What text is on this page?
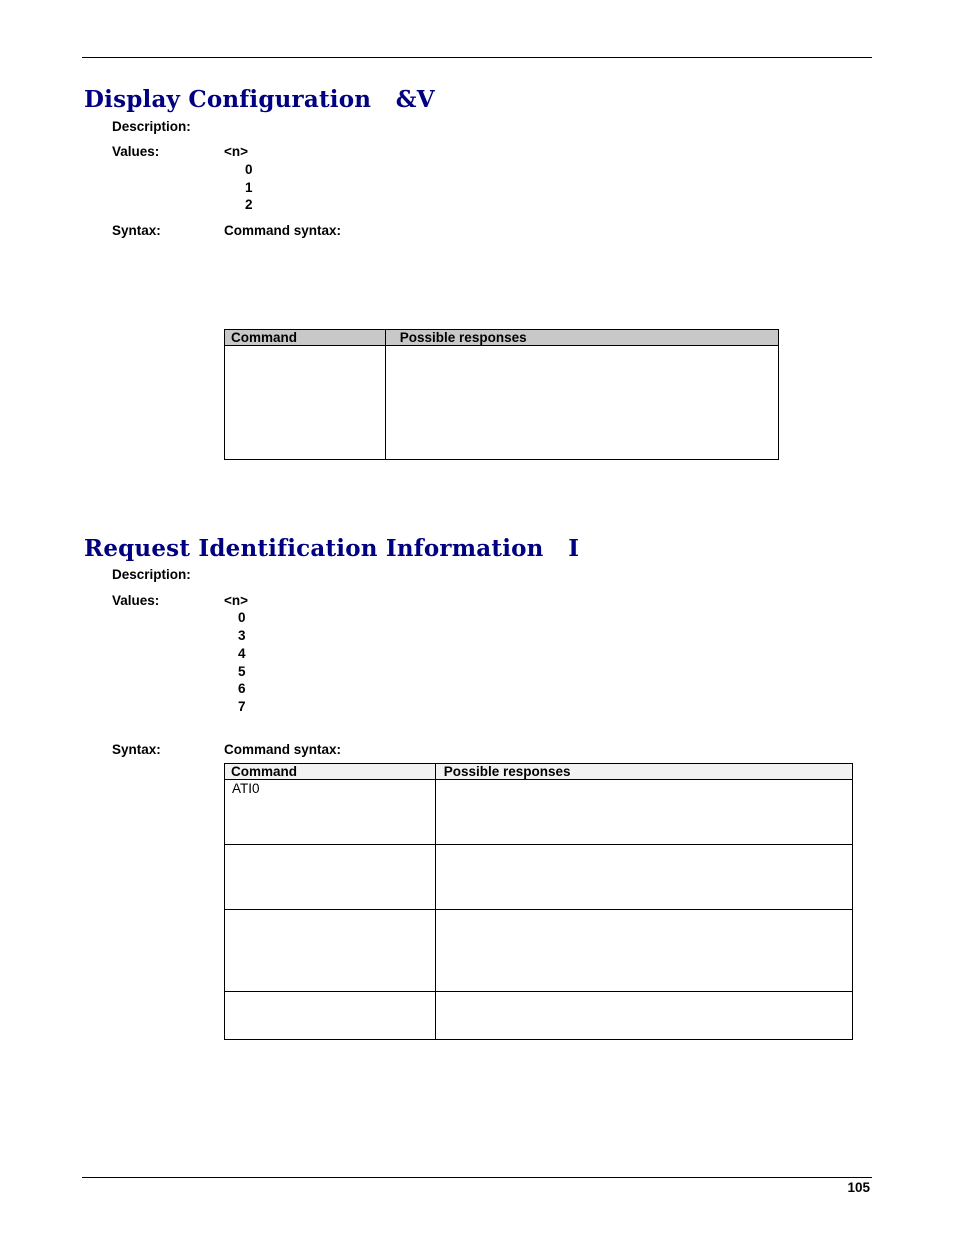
Display Configuration   &V
Description:
Values:	<n>
0
1
2
Syntax:	Command syntax:
Command	Possible responses

Request Identification Information   I
Description:
Values:	<n>
0
3
4
5
6
7
Syntax:	Command syntax:
Command	Possible responses
ATI0	

105
